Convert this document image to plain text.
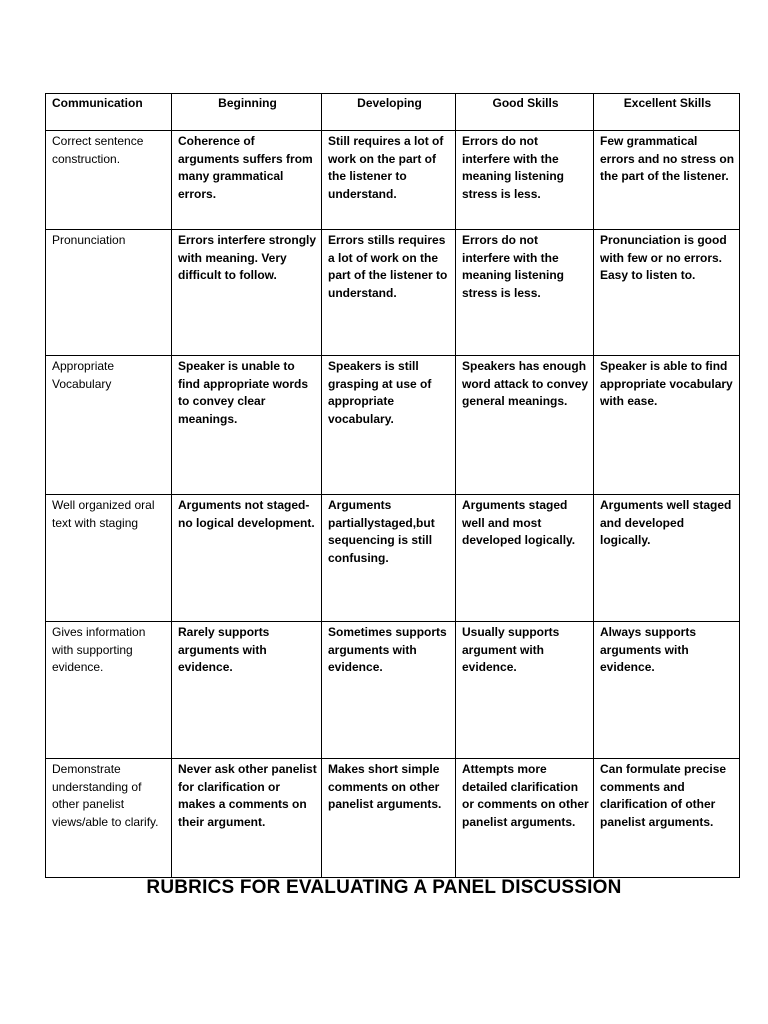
Communication	Beginning	Developing	Good Skills	Excellent Skills
Correct sentence construction.	Coherence of arguments suffers from many grammatical errors.	Still requires a lot of work on the part of the listener to understand.	Errors do not interfere with the meaning listening stress is less.	Few grammatical errors and no stress on the part of the listener.
Pronunciation	Errors interfere strongly with meaning. Very difficult to follow.	Errors stills requires a lot of work on the part of the listener to understand.	Errors do not interfere with the meaning listening stress is less.	Pronunciation is good with few or no errors. Easy to listen to.
Appropriate Vocabulary	Speaker is unable to find appropriate words to convey clear meanings.	Speakers is still grasping at use of appropriate vocabulary.	Speakers has enough word attack to convey general meanings.	Speaker is able to find appropriate vocabulary with ease.
Well organized oral text with staging	Arguments not staged-no logical development.	Arguments partiallystaged,but sequencing is still confusing.	Arguments staged well and most developed logically.	Arguments well staged and developed logically.
Gives information with supporting evidence.	Rarely supports arguments with evidence.	Sometimes supports arguments with evidence.	Usually supports argument with evidence.	Always supports arguments with evidence.
Demonstrate understanding of other panelist views/able to clarify.	Never ask other panelist for clarification or makes a comments on their argument.	Makes short simple comments on other panelist arguments.	Attempts more detailed clarification or comments on other panelist arguments.	Can formulate precise comments and clarification of other panelist arguments.
RUBRICS FOR EVALUATING A PANEL DISCUSSION
